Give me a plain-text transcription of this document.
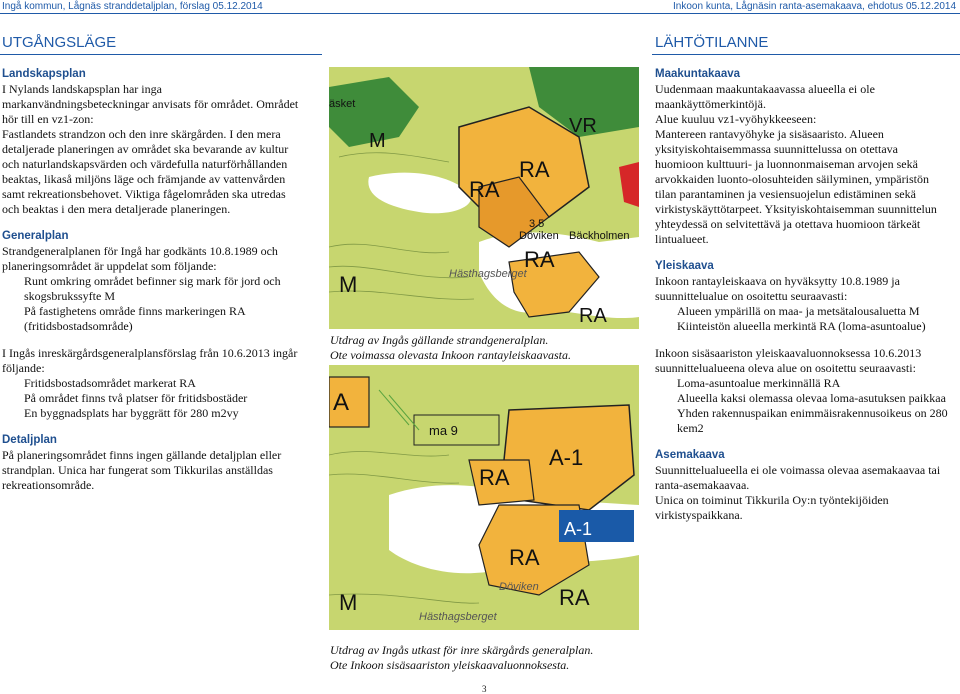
Ingå kommun, Lågnäs stranddetaljplan, förslag 05.12.2014	Inkoon kunta, Lågnäsin ranta-asemakaava, ehdotus 05.12.2014
UTGÅNGSLÄGE	LÄHTÖTILANNE

Landskapsplan

I Nylands landskapsplan har inga

markanvändningsbeteckningar anvisats för området. Området

hör till en vz1-zon:

Fastlandets strandzon och den inre skärgården. I den mera

detaljerade planeringen av området ska bevarande av kultur

och naturlandskapsvärden och värdefulla naturförhållanden

beaktas, likaså miljöns läge och främjande av vattenvården

samt rekreationsbehovet. Viktiga fågelområden ska utredas

och beaktas i den mera detaljerade planeringen.

Generalplan

Strandgeneralplanen för Ingå har godkänts 10.8.1989 och

planeringsområdet är uppdelat som följande:

Runt omkring området befinner sig mark för jord och

skogsbrukssyfte M

På fastighetens område finns markeringen RA

(fritidsbostadsområde)

I Ingås inreskärgårdsgeneralplansförslag från 10.6.2013 ingår

följande:

Fritidsbostadsområdet markerat RA

På området finns två platser för fritidsbostäder

En byggnadsplats har byggrätt för 280 m2vy

Detaljplan

På planeringsområdet finns ingen gällande detaljplan eller

strandplan. Unica har fungerat som Tikkurilas anställdas

rekreationsområde.

Maakuntakaava

Uudenmaan maakuntakaavassa alueella ei ole

maankäyttömerkintöjä.

Alue kuuluu vz1-vyöhykkeeseen:

Mantereen rantavyöhyke ja sisäsaaristo. Alueen

yksityiskohtaisemmassa suunnittelussa on otettava

huomioon kulttuuri- ja luonnonmaiseman arvojen sekä

arvokkaiden luonto-olosuhteiden säilyminen, ympäristön

tilan parantaminen ja vesiensuojelun edistäminen sekä

virkistyskäyttötarpeet. Yksityiskohtaisemman suunnittelun

yhteydessä on selvitettävä ja otettava huomioon tärkeät

lintualueet.

Yleiskaava

Inkoon rantayleiskaava on hyväksytty 10.8.1989 ja

suunnittelualue on osoitettu seuraavasti:

Alueen ympärillä on maa- ja metsätalousaluetta M

Kiinteistön alueella merkintä RA (loma-asuntoalue)

Inkoon sisäsaariston yleiskaavaluonnoksessa 10.6.2013

suunnittelualueena oleva alue on osoitettu seuraavasti:

Loma-asuntoalue merkinnällä RA

Alueella kaksi olemassa olevaa loma-asutuksen paikkaa

Yhden rakennuspaikan enimmäisrakennusoikeus on 280

kem2

Asemakaava

Suunnittelualueella ei ole voimassa olevaa asemakaavaa tai

ranta-asemakaavaa.

Unica on toiminut Tikkurila Oy:n työntekijöiden

virkistyspaikkana.

VR
RA
RA
RA
M
M
RA
3.5
Döviken Bäckholmen
Hästhagsberget
äsket
Utdrag av Ingås gällande strandgeneralplan.
Ote voimassa olevasta Inkoon rantayleiskaavasta.
A
ma 9
A-1
RA
RA
A-1
RA
M
Döviken
Hästhagsberget
Utdrag av Ingås utkast för inre skärgårds generalplan.
Ote Inkoon sisäsaariston yleiskaavaluonnoksesta.
3
